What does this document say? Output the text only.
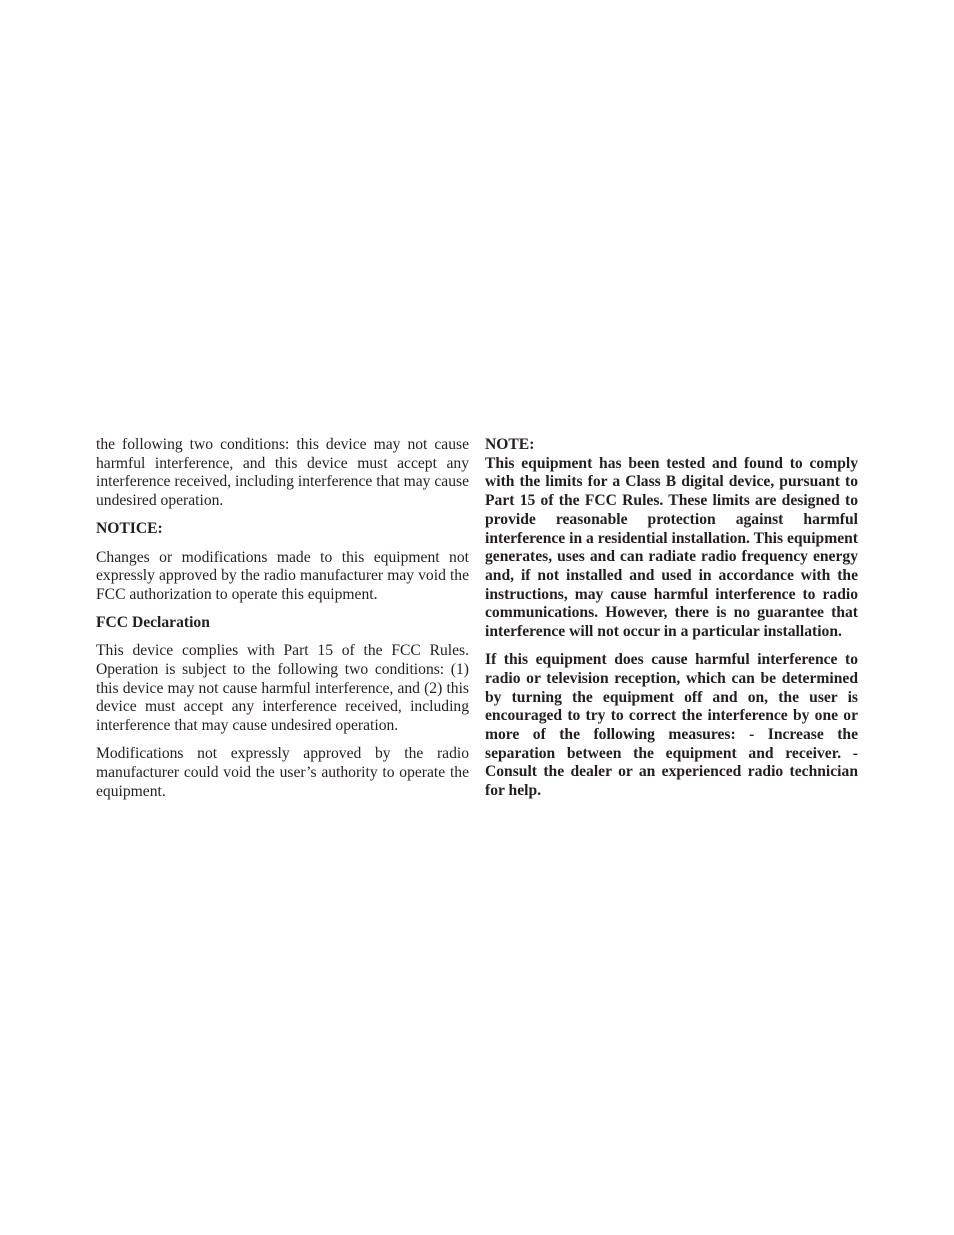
the following two conditions: this device may not cause harmful interference, and this device must accept any interference received, including interference that may cause undesired operation.

NOTICE:

Changes or modifications made to this equipment not expressly approved by the radio manufacturer may void the FCC authorization to operate this equipment.

FCC Declaration

This device complies with Part 15 of the FCC Rules. Operation is subject to the following two conditions: (1) this device may not cause harmful interference, and (2) this device must accept any interference received, including interference that may cause undesired operation.

Modifications not expressly approved by the radio manufacturer could void the user’s authority to operate the equipment.

NOTE:

This equipment has been tested and found to comply with the limits for a Class B digital device, pursuant to Part 15 of the FCC Rules. These limits are designed to provide reasonable protection against harmful interference in a residential installation. This equipment generates, uses and can radiate radio frequency energy and, if not installed and used in accordance with the instructions, may cause harmful interference to radio communications. However, there is no guarantee that interference will not occur in a particular installation.

If this equipment does cause harmful interference to radio or television reception, which can be determined by turning the equipment off and on, the user is encouraged to try to correct the interference by one or more of the following measures: - Increase the separation between the equipment and receiver. - Consult the dealer or an experienced radio technician for help.
